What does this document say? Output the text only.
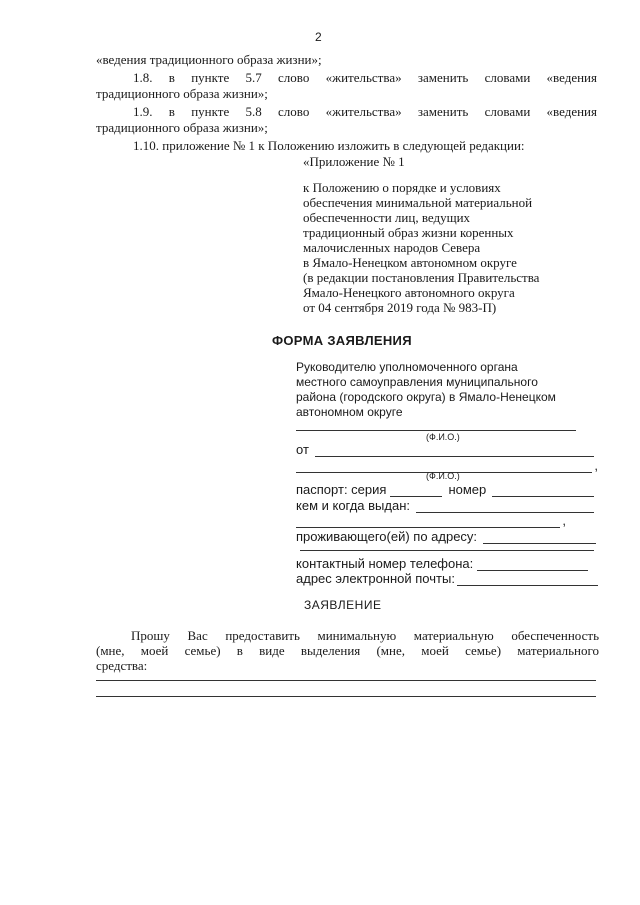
2
«ведения традиционного образа жизни»;
1.8. в пункте 5.7 слово «жительства» заменить словами «ведения
традиционного образа жизни»;
1.9. в пункте 5.8 слово «жительства» заменить словами «ведения
традиционного образа жизни»;
1.10. приложение № 1 к Положению изложить в следующей редакции:
«Приложение № 1
к Положению о порядке и условиях
обеспечения минимальной материальной
обеспеченности лиц, ведущих
традиционный образ жизни коренных
малочисленных народов Севера
в Ямало-Ненецком автономном округе
(в редакции постановления Правительства
Ямало-Ненецкого автономного округа
от 04 сентября 2019 года № 983-П)
ФОРМА ЗАЯВЛЕНИЯ
Руководителю уполномоченного органа
местного самоуправления муниципального
района (городского округа) в Ямало-Ненецком
автономном округе
(Ф.И.О.)
от
,
(Ф.И.О.)
паспорт: серия	номер
кем и когда выдан:
,
проживающего(ей) по адресу:
контактный номер телефона:
адрес электронной почты:
ЗАЯВЛЕНИЕ
Прошу Вас предоставить минимальную материальную обеспеченность
(мне, моей семье) в виде выделения (мне, моей семье) материального
средства:
